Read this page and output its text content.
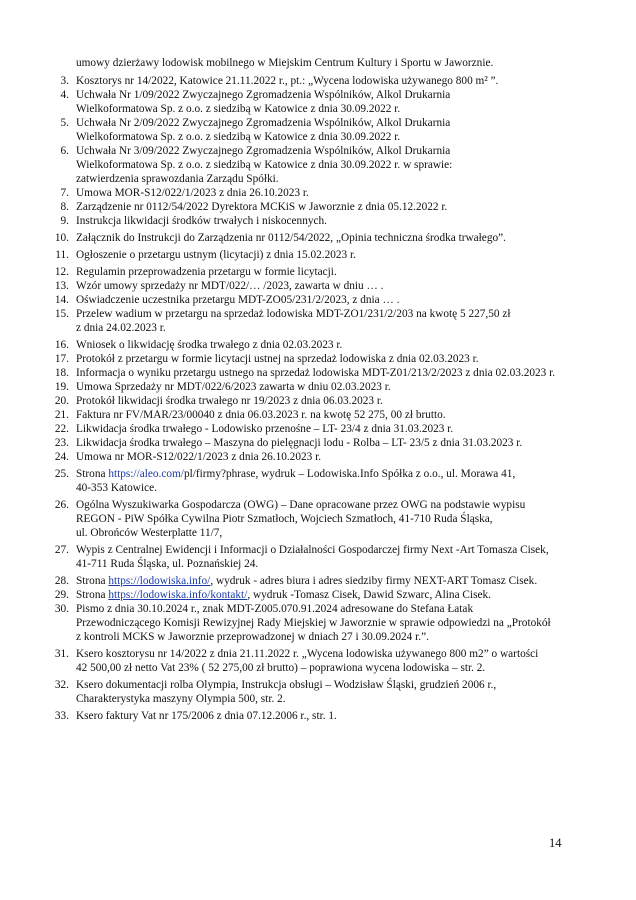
umowy dzierżawy lodowisk mobilnego w Miejskim Centrum Kultury i Sportu w Jaworznie.
3. Kosztorys nr 14/2022, Katowice 21.11.2022 r., pt.: „Wycena lodowiska używanego 800 m² ”.
4. Uchwała Nr 1/09/2022 Zwyczajnego Zgromadzenia Wspólników, Alkol Drukarnia
Wielkoformatowa Sp. z o.o. z siedzibą w Katowice z dnia 30.09.2022 r.
5. Uchwała Nr 2/09/2022 Zwyczajnego Zgromadzenia Wspólników, Alkol Drukarnia
Wielkoformatowa Sp. z o.o. z siedzibą w Katowice z dnia 30.09.2022 r.
6. Uchwała Nr 3/09/2022 Zwyczajnego Zgromadzenia Wspólników, Alkol Drukarnia
Wielkoformatowa Sp. z o.o. z siedzibą w Katowice z dnia 30.09.2022 r. w sprawie:
zatwierdzenia sprawozdania Zarządu Spółki.
7. Umowa MOR-S12/022/1/2023 z dnia 26.10.2023 r.
8. Zarządzenie nr 0112/54/2022 Dyrektora MCKiS w Jaworznie z dnia 05.12.2022 r.
9. Instrukcja likwidacji środków trwałych i niskocennych.
10. Załącznik do Instrukcji do Zarządzenia nr 0112/54/2022, „Opinia techniczna środka trwałego”.
11. Ogłoszenie o przetargu ustnym (licytacji) z dnia 15.02.2023 r.
12. Regulamin przeprowadzenia przetargu w formie licytacji.
13. Wzór umowy sprzedaży nr MDT/022/… /2023, zawarta w dniu … .
14. Oświadczenie uczestnika przetargu MDT-ZO05/231/2/2023, z dnia … .
15. Przelew wadium w przetargu na sprzedaż lodowiska MDT-ZO1/231/2/203 na kwotę 5 227,50 zł
z dnia 24.02.2023 r.
16. Wniosek o likwidację środka trwałego z dnia 02.03.2023 r.
17. Protokół z przetargu w formie licytacji ustnej na sprzedaż lodowiska z dnia 02.03.2023 r.
18. Informacja o wyniku przetargu ustnego na sprzedaż lodowiska MDT-Z01/213/2/2023 z dnia 02.03.2023 r.
19. Umowa Sprzedaży nr MDT/022/6/2023 zawarta w dniu 02.03.2023 r.
20. Protokół likwidacji środka trwałego nr 19/2023 z dnia 06.03.2023 r.
21. Faktura nr FV/MAR/23/00040 z dnia 06.03.2023 r. na kwotę 52 275, 00 zł brutto.
22. Likwidacja środka trwałego - Lodowisko przenośne – LT- 23/4 z dnia 31.03.2023 r.
23. Likwidacja środka trwałego – Maszyna do pielęgnacji lodu - Rolba – LT- 23/5 z dnia 31.03.2023 r.
24. Umowa nr MOR-S12/022/1/2023 z dnia 26.10.2023 r.
25. Strona https://aleo.com/pl/firmy?phrase, wydruk – Lodowiska.Info Spółka z o.o., ul. Morawa 41,
40-353 Katowice.
26. Ogólna Wyszukiwarka Gospodarcza (OWG) – Dane opracowane przez OWG na podstawie wypisu
REGON - PiW Spółka Cywilna Piotr Szmatłoch, Wojciech Szmatłoch, 41-710 Ruda Śląska,
ul. Obrońców Westerplatte 11/7,
27. Wypis z Centralnej Ewidencji i Informacji o Działalności Gospodarczej firmy Next -Art Tomasza Cisek,
41-711 Ruda Śląska, ul. Poznańskiej 24.
28. Strona https://lodowiska.info/, wydruk - adres biura i adres siedziby firmy NEXT-ART Tomasz Cisek.
29. Strona https://lodowiska.info/kontakt/, wydruk -Tomasz Cisek, Dawid Szwarc, Alina Cisek.
30. Pismo z dnia 30.10.2024 r., znak MDT-Z005.070.91.2024 adresowane do Stefana Łatak
Przewodniczącego Komisji Rewizyjnej Rady Miejskiej w Jaworznie w sprawie odpowiedzi na „Protokół
z kontroli MCKS w Jaworznie przeprowadzonej w dniach 27 i 30.09.2024 r.”.
31. Ksero kosztorysu nr 14/2022 z dnia 21.11.2022 r. „Wycena lodowiska używanego 800 m2” o wartości
42 500,00 zł netto Vat 23% ( 52 275,00 zł brutto) – poprawiona wycena lodowiska – str. 2.
32. Ksero dokumentacji rolba Olympia, Instrukcja obsługi – Wodzisław Śląski, grudzień 2006 r.,
Charakterystyka maszyny Olympia 500, str. 2.
33. Ksero faktury Vat nr 175/2006 z dnia 07.12.2006 r., str. 1.
14
